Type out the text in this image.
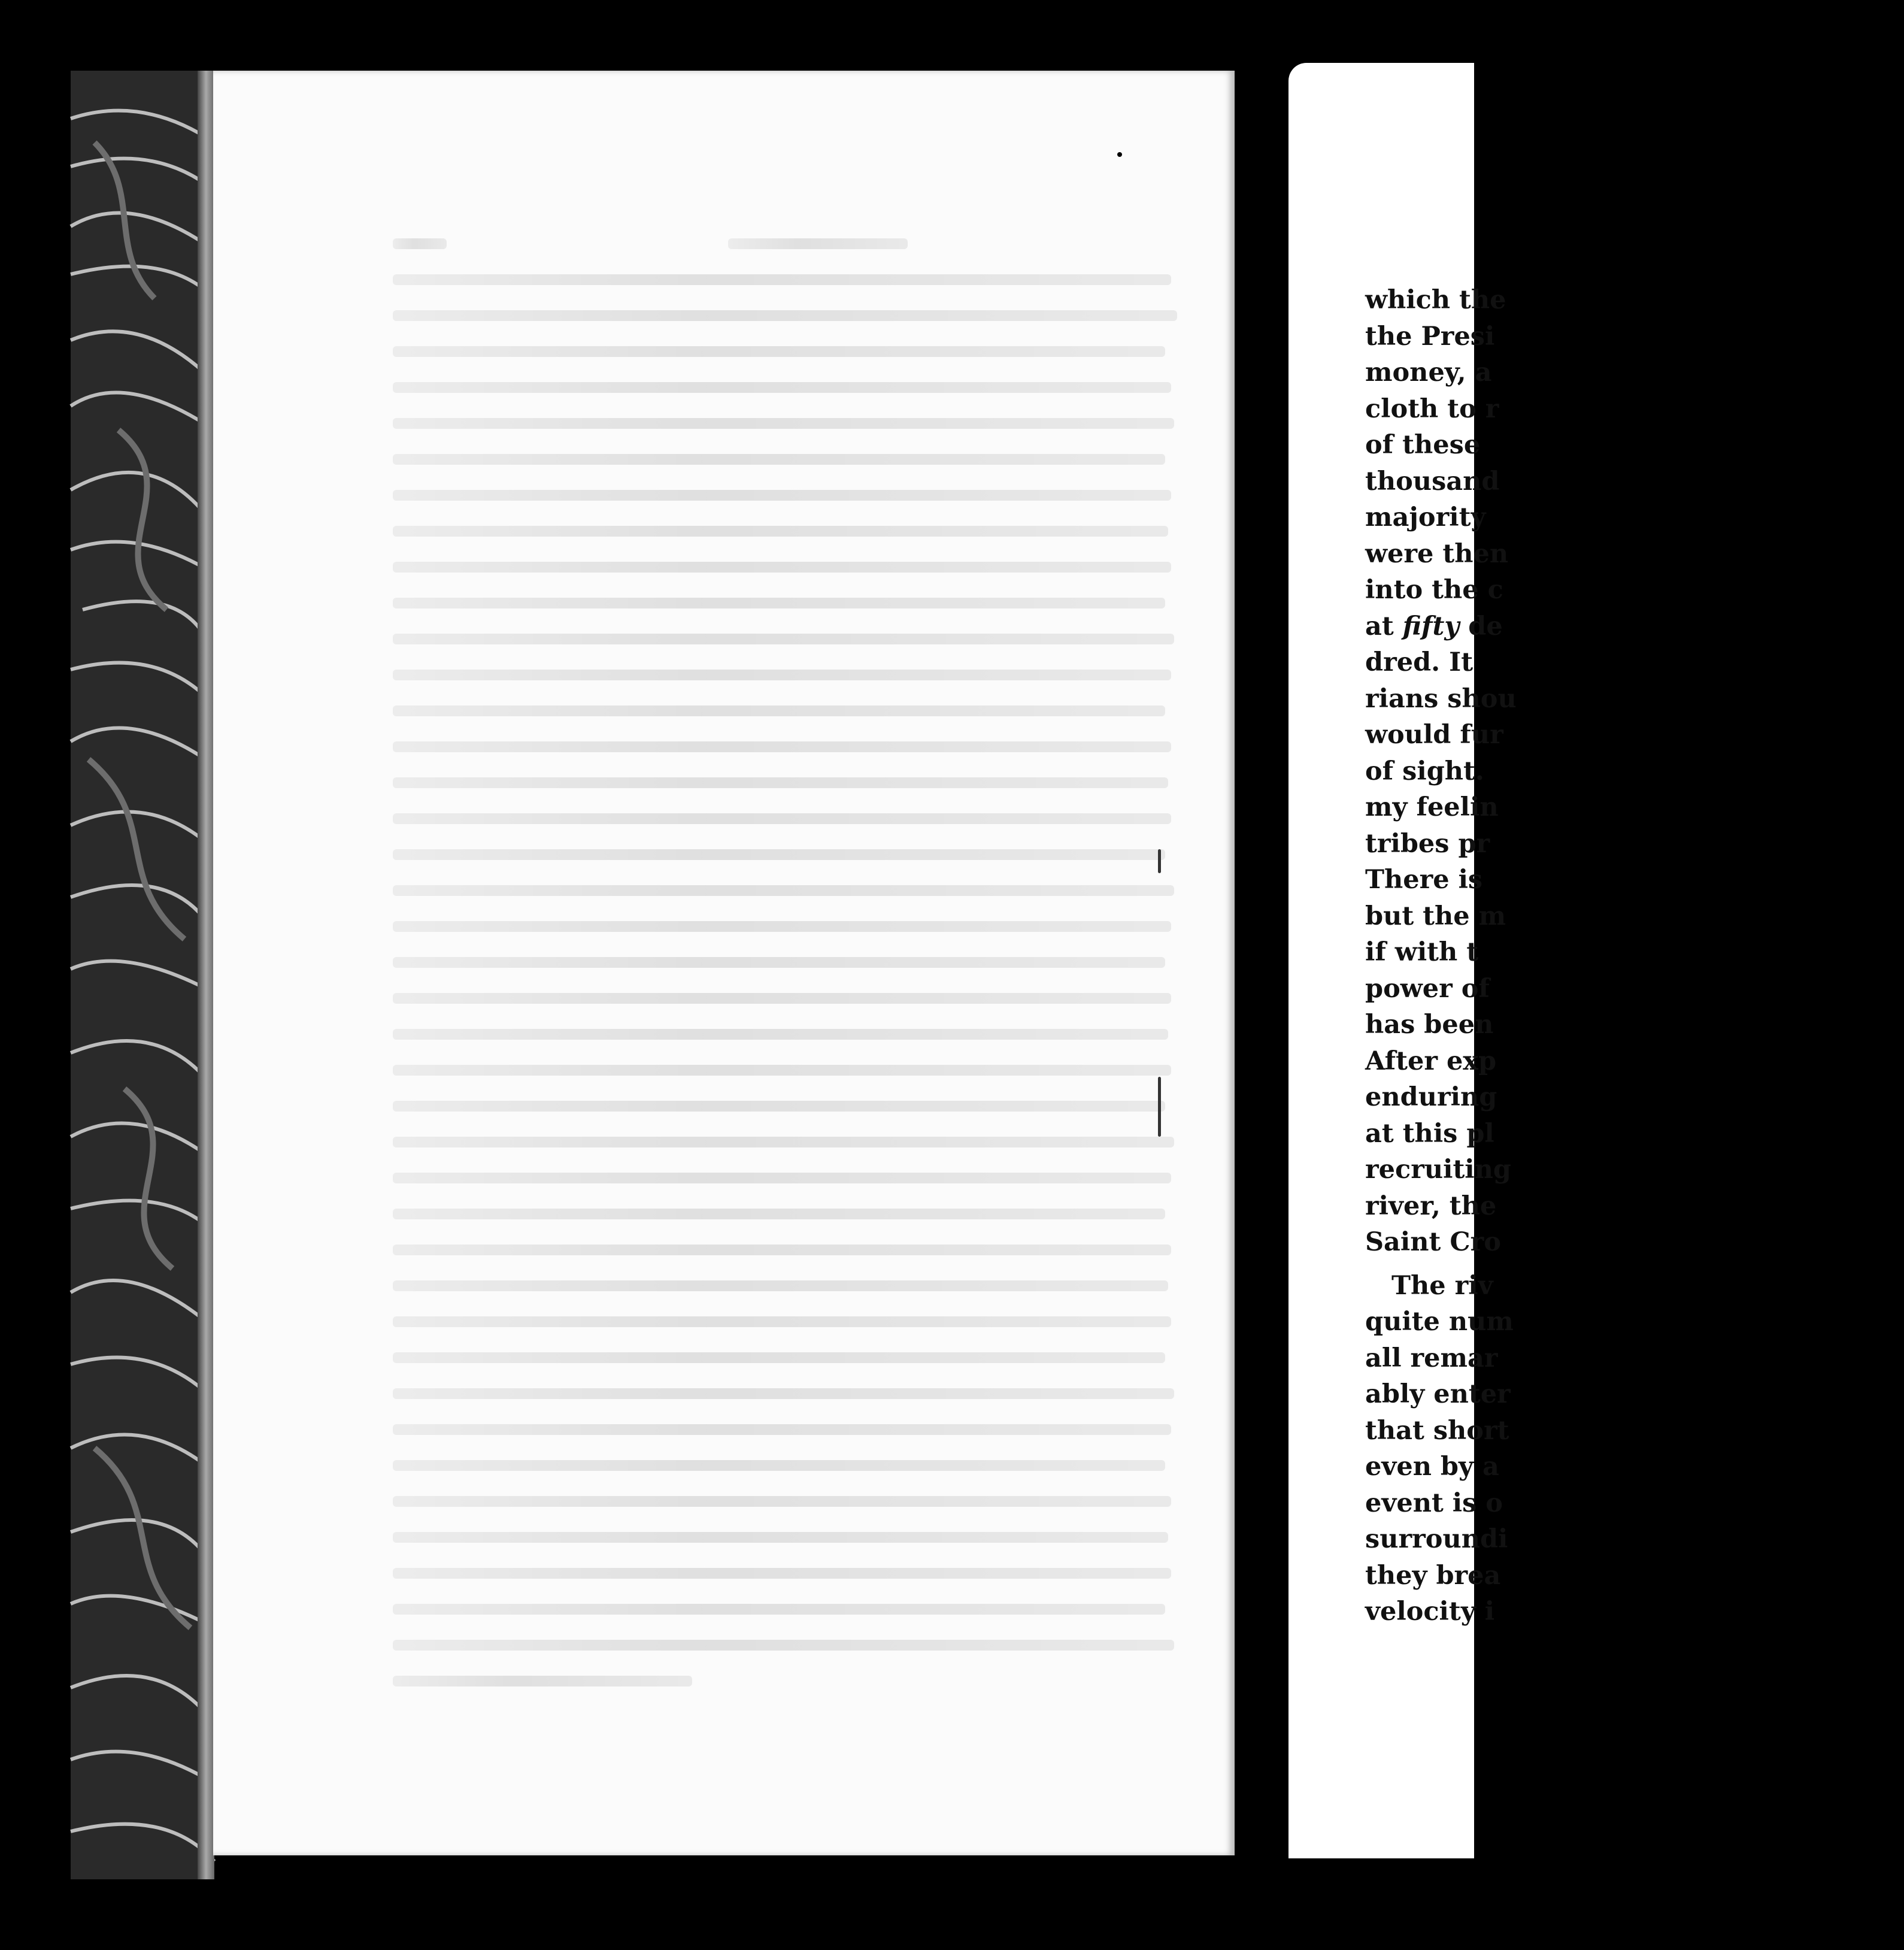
which the
the Presi
money, a
cloth to r
of these
thousand
majority
were then
into the c
at fifty de
dred. It
rians shou
would fur
of sight.
my feelin
tribes pr
There is
but the m
if with t
power of
has been
After exp
enduring
at this pl
recruiting
river, the
Saint Cro
The riv
quite num
all remar
ably enter
that short
even by a
event is o
surroundi
they brea
velocity i
